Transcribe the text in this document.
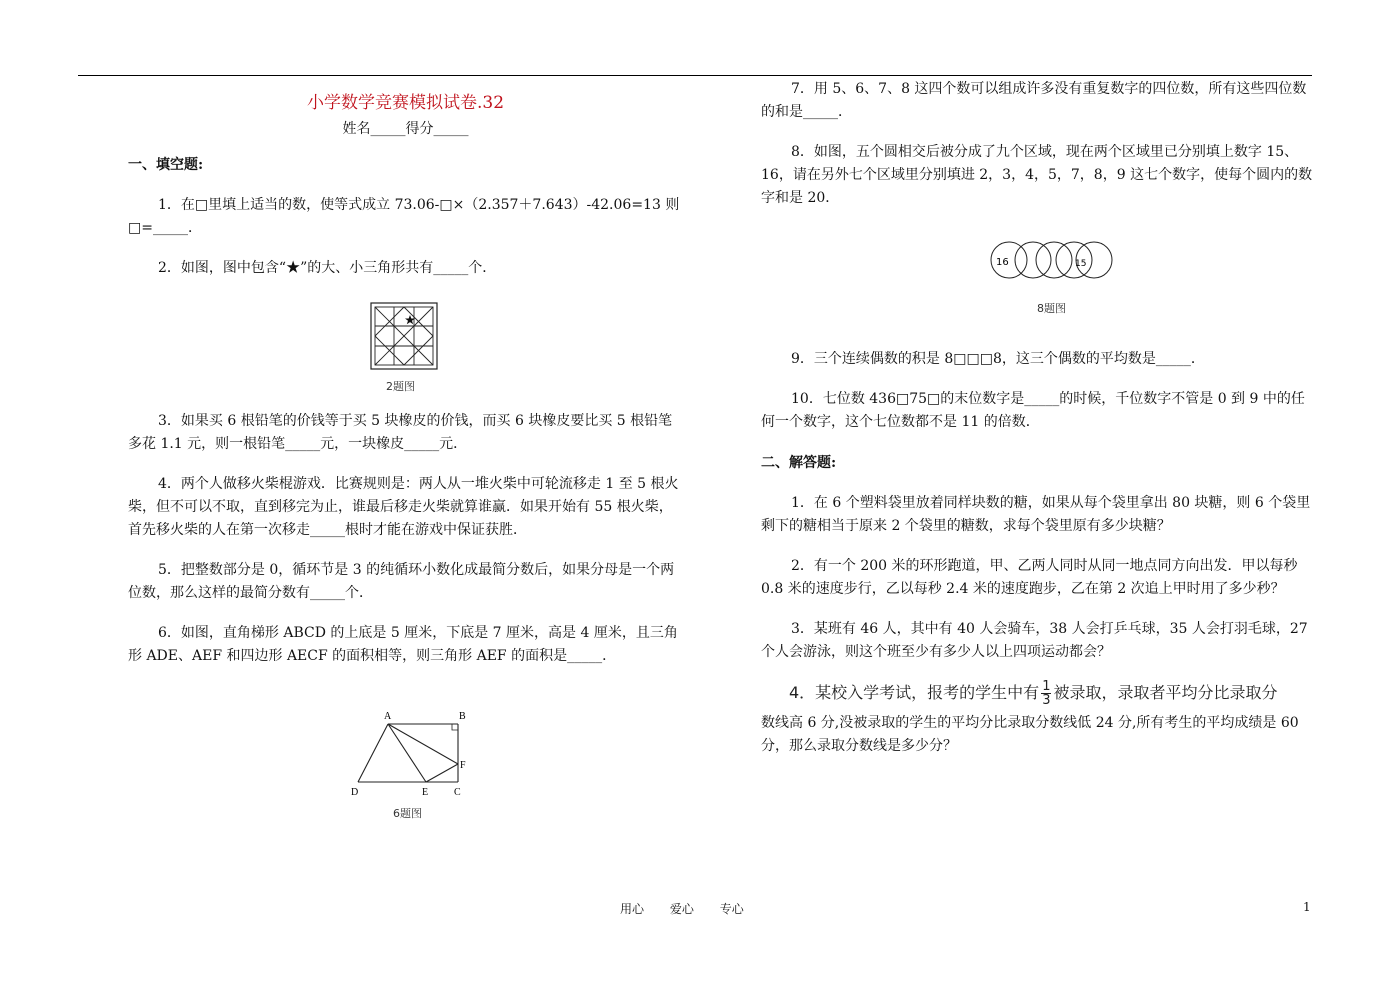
小学数学竞赛模拟试卷.32

姓名_____得分_____

一、填空题:

1．在□里填上适当的数，使等式成立 73.06-□×（2.357＋7.643）-42.06=13 则□=_____．

2．如图，图中包含“★”的大、小三角形共有_____个．

2题图

3．如果买 6 根铅笔的价钱等于买 5 块橡皮的价钱，而买 6 块橡皮要比买 5 根铅笔多花 1.1 元，则一根铅笔_____元，一块橡皮_____元．

4．两个人做移火柴棍游戏．比赛规则是：两人从一堆火柴中可轮流移走 1 至 5 根火柴，但不可以不取，直到移完为止，谁最后移走火柴就算谁赢．如果开始有 55 根火柴，首先移火柴的人在第一次移走_____根时才能在游戏中保证获胜．

5．把整数部分是 0，循环节是 3 的纯循环小数化成最简分数后，如果分母是一个两位数，那么这样的最简分数有_____个．

6．如图，直角梯形 ABCD 的上底是 5 厘米，下底是 7 厘米，高是 4 厘米，且三角形 ADE、AEF 和四边形 AECF 的面积相等，则三角形 AEF 的面积是_____．

A	B
D	E	C
F
6题图

7．用 5、6、7、8 这四个数可以组成许多没有重复数字的四位数，所有这些四位数的和是_____．

8．如图，五个圆相交后被分成了九个区域，现在两个区域里已分别填上数字 15、16，请在另外七个区域里分别填进 2，3，4，5，7，8，9 这七个数字，使每个圆内的数字和是 20．

16	15
8题图

9．三个连续偶数的积是 8□□□8，这三个偶数的平均数是_____．

10．七位数 436□75□的末位数字是_____的时候，千位数字不管是 0 到 9 中的任何一个数字，这个七位数都不是 11 的倍数．

二、解答题:

1．在 6 个塑料袋里放着同样块数的糖，如果从每个袋里拿出 80 块糖，则 6 个袋里剩下的糖相当于原来 2 个袋里的糖数，求每个袋里原有多少块糖？

2．有一个 200 米的环形跑道，甲、乙两人同时从同一地点同方向出发．甲以每秒 0.8 米的速度步行，乙以每秒 2.4 米的速度跑步，乙在第 2 次追上甲时用了多少秒？

3．某班有 46 人，其中有 40 人会骑车，38 人会打乒乓球，35 人会打羽毛球，27 个人会游泳，则这个班至少有多少人以上四项运动都会？

4．某校入学考试，报考的学生中有 $\frac{1}{3}$ 被录取，录取者平均分比录取分

数线高 6 分,没被录取的学生的平均分比录取分数线低 24 分,所有考生的平均成绩是 60 分，那么录取分数线是多少分？

用心 爱心 专心	1
